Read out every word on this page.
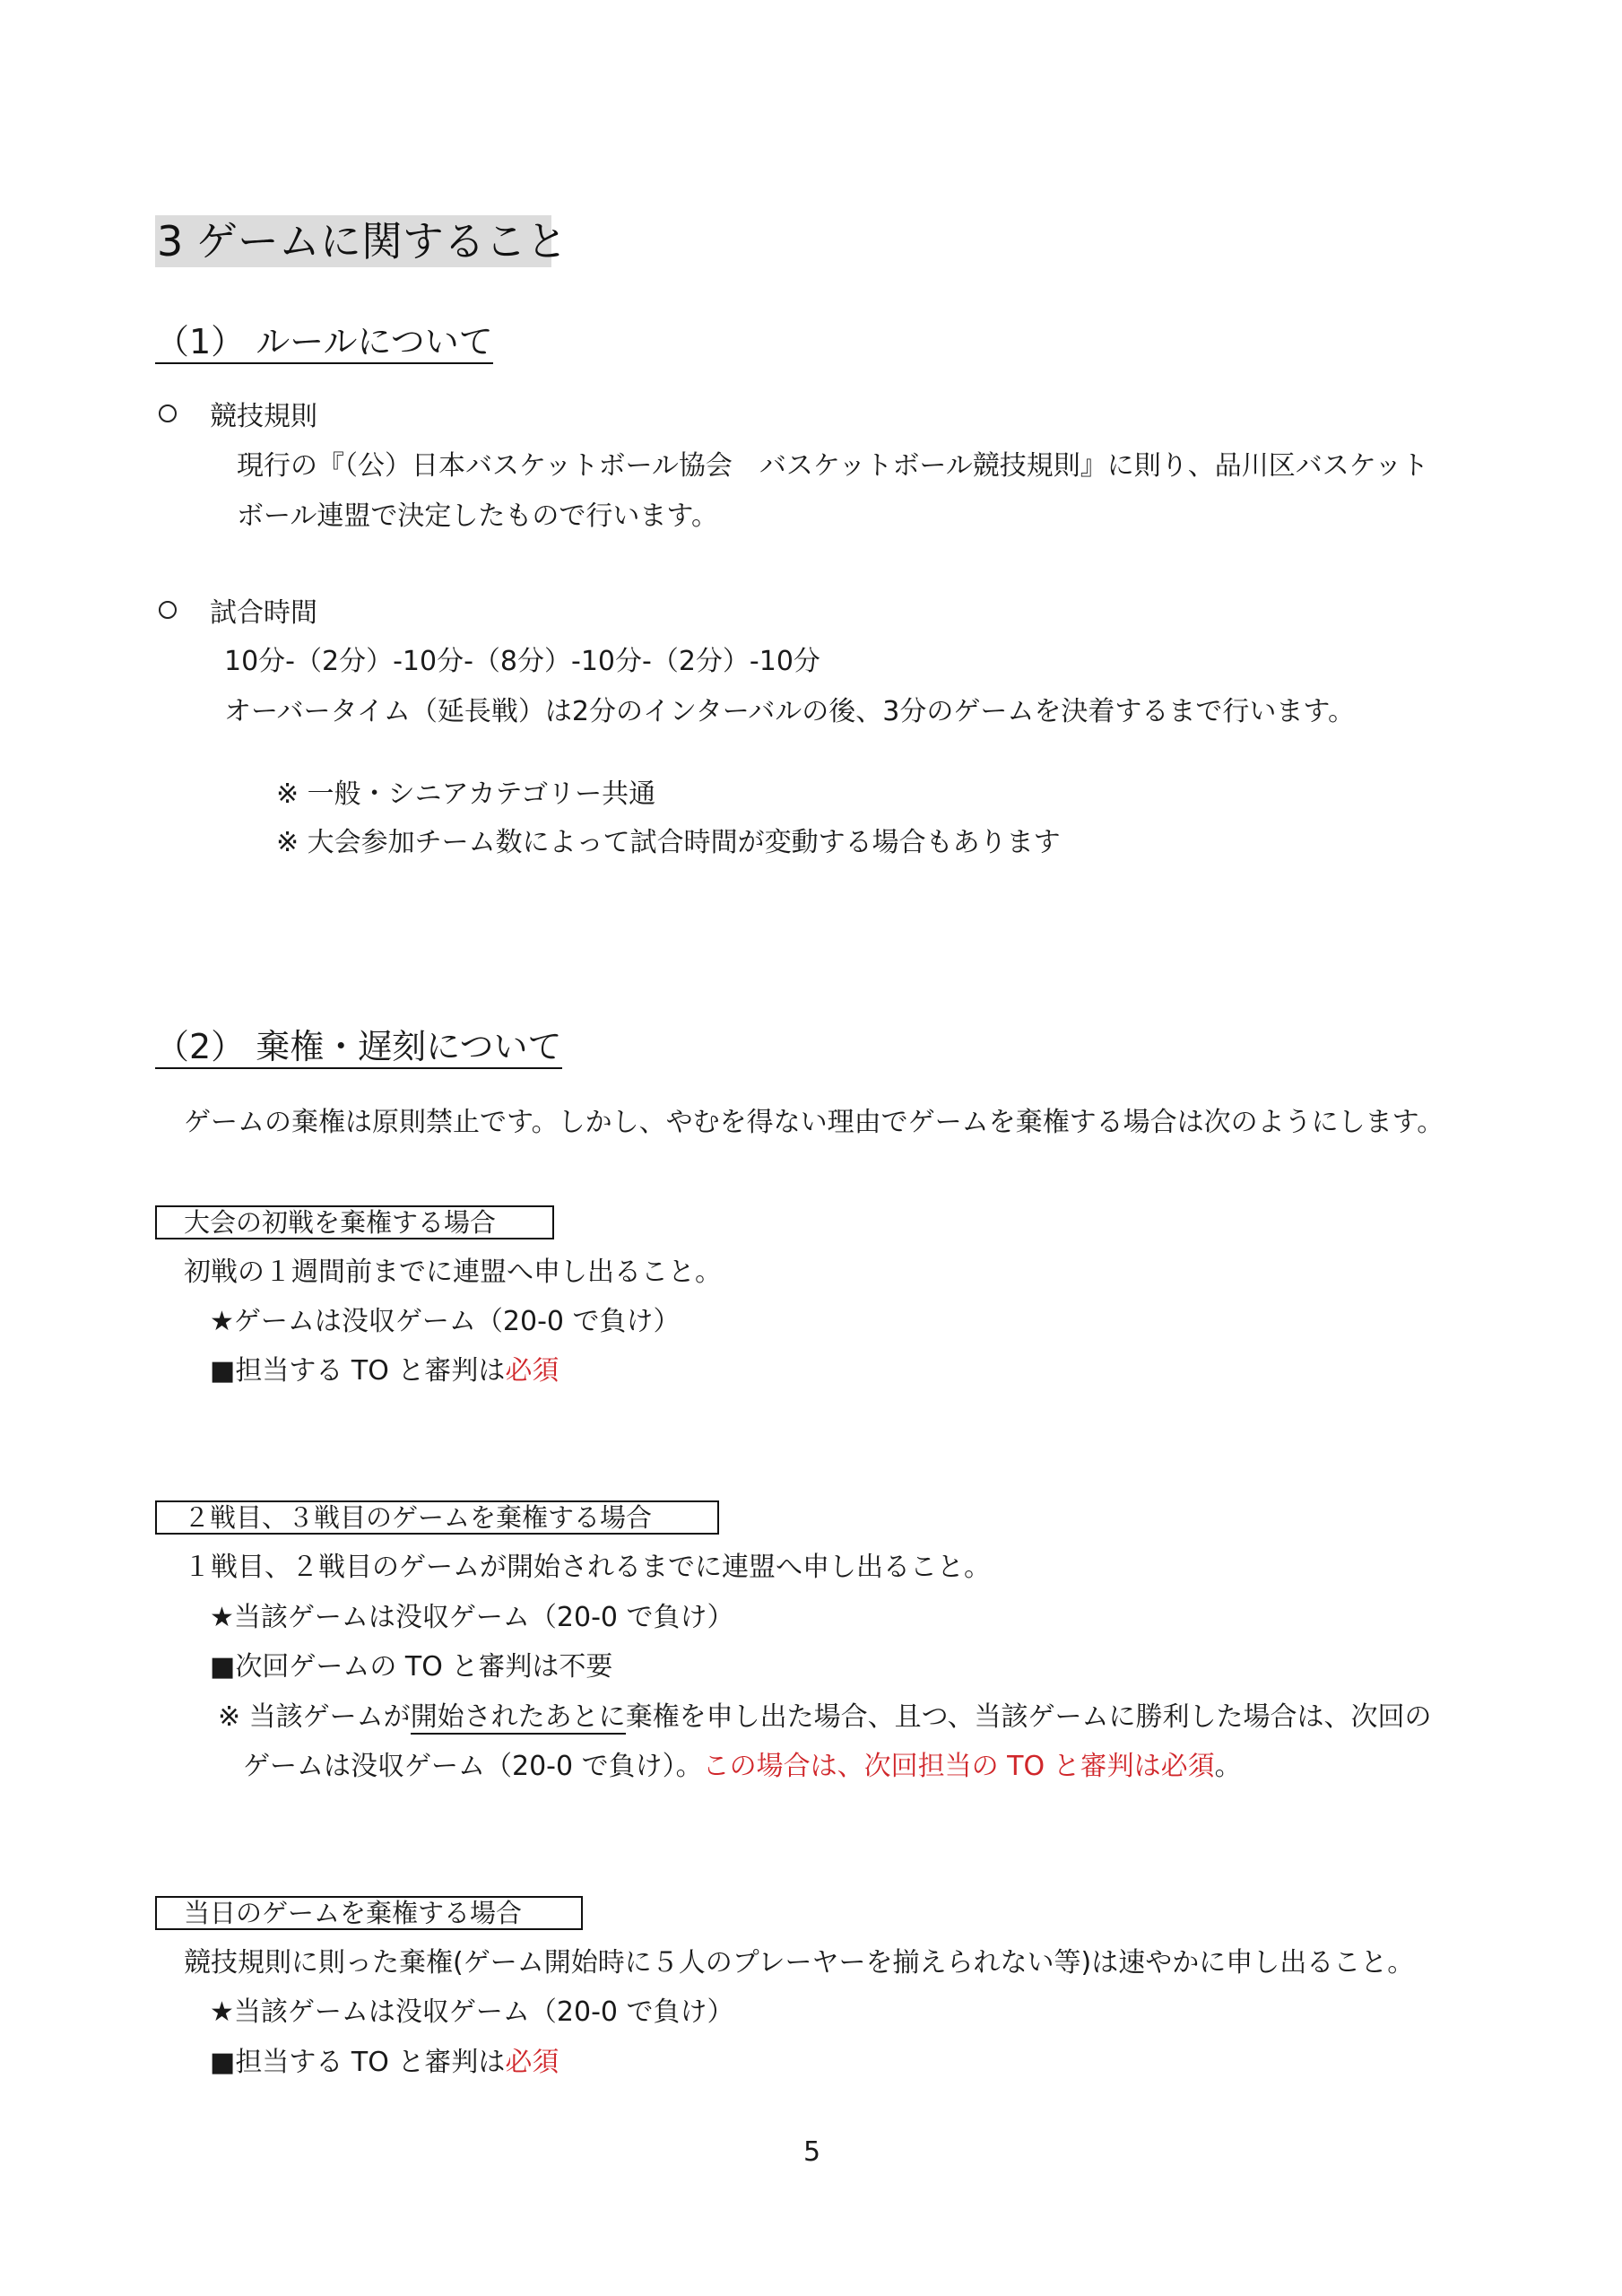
3 ゲームに関すること
（1） ルールについて
競技規則
現行の『（公）日本バスケットボール協会　バスケットボール競技規則』に則り、品川区バスケット
ボール連盟で決定したもので行います。
試合時間
10分-（2分）-10分-（8分）-10分-（2分）-10分
オーバータイム（延長戦）は2分のインターバルの後、3分のゲームを決着するまで行います。
※ 一般・シニアカテゴリー共通
※ 大会参加チーム数によって試合時間が変動する場合もあります
（2） 棄権・遅刻について
ゲームの棄権は原則禁止です。しかし、やむを得ない理由でゲームを棄権する場合は次のようにします。
大会の初戦を棄権する場合
初戦の１週間前までに連盟へ申し出ること。
★ゲームは没収ゲーム（20-0 で負け）
■担当する TO と審判は必須
２戦目、３戦目のゲームを棄権する場合
１戦目、２戦目のゲームが開始されるまでに連盟へ申し出ること。
★当該ゲームは没収ゲーム（20-0 で負け）
■次回ゲームの TO と審判は不要
※ 当該ゲームが開始されたあとに棄権を申し出た場合、且つ、当該ゲームに勝利した場合は、次回の
ゲームは没収ゲーム（20-0 で負け）。この場合は、次回担当の TO と審判は必須。
当日のゲームを棄権する場合
競技規則に則った棄権(ゲーム開始時に５人のプレーヤーを揃えられない等)は速やかに申し出ること。
★当該ゲームは没収ゲーム（20-0 で負け）
■担当する TO と審判は必須
5
